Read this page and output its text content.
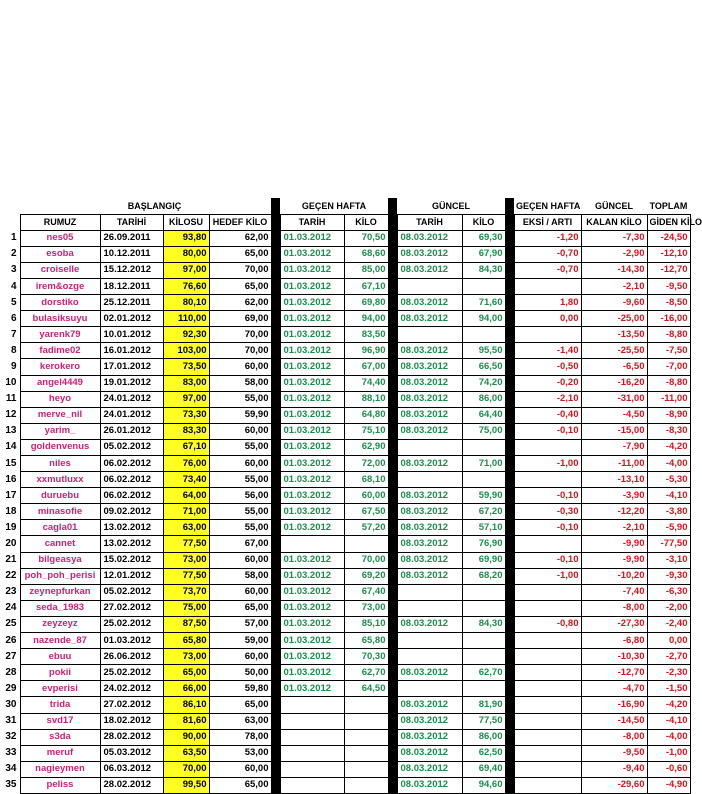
		BAŞLANGIÇ				GEÇEN HAFTA			GÜNCEL			GEÇEN HAFTA	GÜNCEL	TOPLAM
	RUMUZ	TARİHİ	KİLOSU	HEDEF KİLO		TARİH	KİLO		TARİH	KİLO		EKSİ / ARTI	KALAN KİLO	GİDEN KİLO
1	nes05	26.09.2011	93,80	62,00		01.03.2012	70,50		08.03.2012	69,30		-1,20	-7,30	-24,50
2	esoba	10.12.2011	80,00	65,00		01.03.2012	68,60		08.03.2012	67,90		-0,70	-2,90	-12,10
3	croiselle	15.12.2012	97,00	70,00		01.03.2012	85,00		08.03.2012	84,30		-0,70	-14,30	-12,70
4	irem&ozge	18.12.2011	76,60	65,00		01.03.2012	67,10						-2,10	-9,50
5	dorstiko	25.12.2011	80,10	62,00		01.03.2012	69,80		08.03.2012	71,60		1,80	-9,60	-8,50
6	bulasiksuyu	02.01.2012	110,00	69,00		01.03.2012	94,00		08.03.2012	94,00		0,00	-25,00	-16,00
7	yarenk79	10.01.2012	92,30	70,00		01.03.2012	83,50						-13,50	-8,80
8	fadime02	16.01.2012	103,00	70,00		01.03.2012	96,90		08.03.2012	95,50		-1,40	-25,50	-7,50
9	kerokero	17.01.2012	73,50	60,00		01.03.2012	67,00		08.03.2012	66,50		-0,50	-6,50	-7,00
10	angel4449	19.01.2012	83,00	58,00		01.03.2012	74,40		08.03.2012	74,20		-0,20	-16,20	-8,80
11	heyo	24.01.2012	97,00	55,00		01.03.2012	88,10		08.03.2012	86,00		-2,10	-31,00	-11,00
12	merve_nil	24.01.2012	73,30	59,90		01.03.2012	64,80		08.03.2012	64,40		-0,40	-4,50	-8,90
13	yarim_	26.01.2012	83,30	60,00		01.03.2012	75,10		08.03.2012	75,00		-0,10	-15,00	-8,30
14	goldenvenus	05.02.2012	67,10	55,00		01.03.2012	62,90						-7,90	-4,20
15	niles	06.02.2012	76,00	60,00		01.03.2012	72,00		08.03.2012	71,00		-1,00	-11,00	-4,00
16	xxmutluxx	06.02.2012	73,40	55,00		01.03.2012	68,10						-13,10	-5,30
17	duruebu	06.02.2012	64,00	56,00		01.03.2012	60,00		08.03.2012	59,90		-0,10	-3,90	-4,10
18	minasofie	09.02.2012	71,00	55,00		01.03.2012	67,50		08.03.2012	67,20		-0,30	-12,20	-3,80
19	cagla01	13.02.2012	63,00	55,00		01.03.2012	57,20		08.03.2012	57,10		-0,10	-2,10	-5,90
20	cannet	13.02.2012	77,50	67,00					08.03.2012	76,90			-9,90	-77,50
21	bilgeasya	15.02.2012	73,00	60,00		01.03.2012	70,00		08.03.2012	69,90		-0,10	-9,90	-3,10
22	poh_poh_perisi	12.01.2012	77,50	58,00		01.03.2012	69,20		08.03.2012	68,20		-1,00	-10,20	-9,30
23	zeynepfurkan	05.02.2012	73,70	60,00		01.03.2012	67,40						-7,40	-6,30
24	seda_1983	27.02.2012	75,00	65,00		01.03.2012	73,00						-8,00	-2,00
25	zeyzeyz	25.02.2012	87,50	57,00		01.03.2012	85,10		08.03.2012	84,30		-0,80	-27,30	-2,40
26	nazende_87	01.03.2012	65,80	59,00		01.03.2012	65,80						-6,80	0,00
27	ebuu	26.06.2012	73,00	60,00		01.03.2012	70,30						-10,30	-2,70
28	pokii	25.02.2012	65,00	50,00		01.03.2012	62,70		08.03.2012	62,70			-12,70	-2,30
29	evperisi	24.02.2012	66,00	59,80		01.03.2012	64,50						-4,70	-1,50
30	trida	27.02.2012	86,10	65,00					08.03.2012	81,90			-16,90	-4,20
31	svd17	18.02.2012	81,60	63,00					08.03.2012	77,50			-14,50	-4,10
32	s3da	28.02.2012	90,00	78,00					08.03.2012	86,00			-8,00	-4,00
33	meruf	05.03.2012	63,50	53,00					08.03.2012	62,50			-9,50	-1,00
34	nagieymen	06.03.2012	70,00	60,00					08.03.2012	69,40			-9,40	-0,60
35	peliss	28.02.2012	99,50	65,00					08.03.2012	94,60			-29,60	-4,90
